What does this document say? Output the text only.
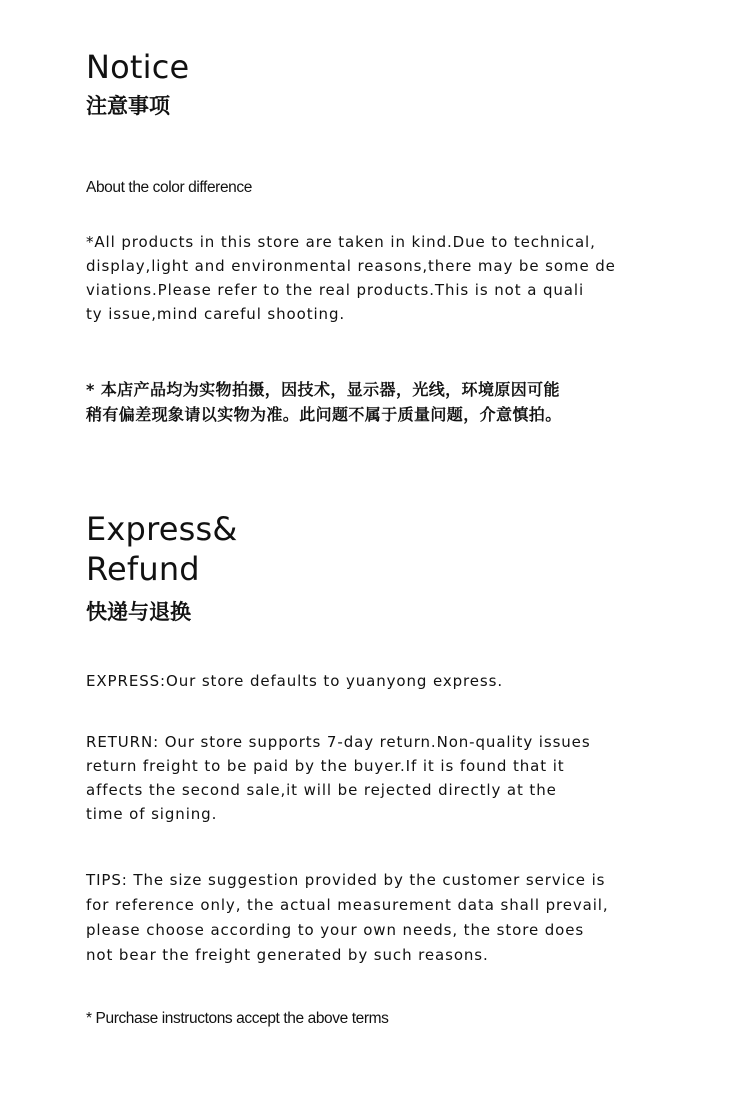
Notice
注意事项
About the color difference

*All products in this store are taken in kind.Due to technical,
display,light and environmental reasons,there may be some de
viations.Please refer to the real products.This is not a quali
ty issue,mind careful shooting.

* 本店产品均为实物拍摄，因技术，显示器，光线，环境原因可能
稍有偏差现象请以实物为准。此问题不属于质量问题，介意慎拍。

Express&
Refund
快递与退换

EXPRESS:Our store defaults to yuanyong express.

RETURN: Our store supports 7-day return.Non-quality issues
return freight to be paid by the buyer.If it is found that it
affects the second sale,it will be rejected directly at the
time of signing.

TIPS: The size suggestion provided by the customer service is
for reference only, the actual measurement data shall prevail,
please choose according to your own needs, the store does
not bear the freight generated by such reasons.

* Purchase instructons accept the above terms
